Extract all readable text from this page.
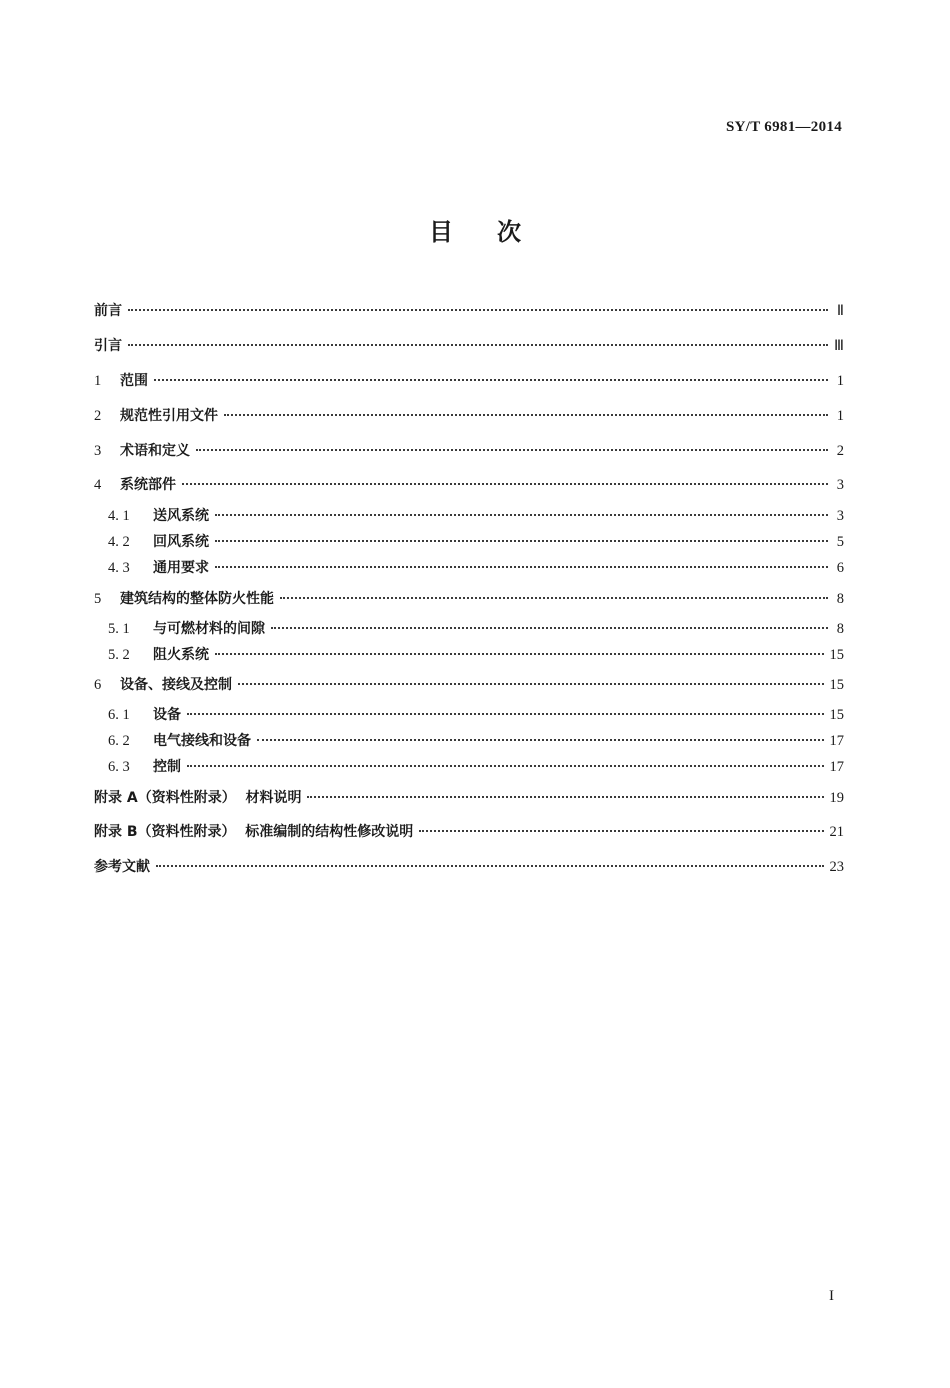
SY/T 6981—2014
目 次
前言	Ⅱ
引言	Ⅲ
1	范围	1
2	规范性引用文件	1
3	术语和定义	2
4	系统部件	3
4. 1	送风系统	3
4. 2	回风系统	5
4. 3	通用要求	6
5	建筑结构的整体防火性能	8
5. 1	与可燃材料的间隙	8
5. 2	阻火系统	15
6	设备、接线及控制	15
6. 1	设备	15
6. 2	电气接线和设备	17
6. 3	控制	17
附录 A（资料性附录）  材料说明	19
附录 B（资料性附录）  标准编制的结构性修改说明	21
参考文献	23
I
